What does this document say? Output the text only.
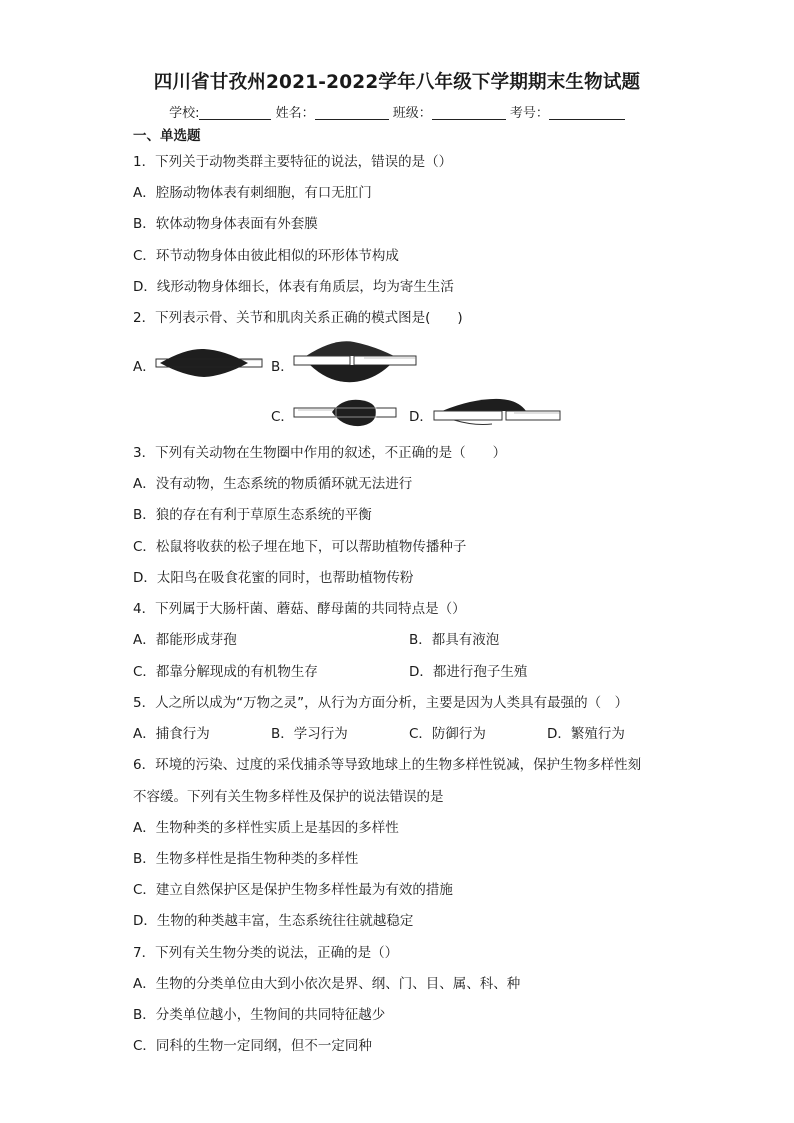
四川省甘孜州2021-2022学年八年级下学期期末生物试题
学校:	姓名：	班级：	考号：
一、单选题
1．下列关于动物类群主要特征的说法，错误的是（）
A．腔肠动物体表有刺细胞，有口无肛门
B．软体动物身体表面有外套膜
C．环节动物身体由彼此相似的环形体节构成
D．线形动物身体细长，体表有角质层，均为寄生生活
2．下列表示骨、关节和肌肉关系正确的模式图是(　　)
A．	B．
C．	D．
3．下列有关动物在生物圈中作用的叙述，不正确的是（　　）
A．没有动物，生态系统的物质循环就无法进行
B．狼的存在有利于草原生态系统的平衡
C．松鼠将收获的松子埋在地下，可以帮助植物传播种子
D．太阳鸟在吸食花蜜的同时，也帮助植物传粉
4．下列属于大肠杆菌、蘑菇、酵母菌的共同特点是（）
A．都能形成芽孢	B．都具有液泡
C．都靠分解现成的有机物生存	D．都进行孢子生殖
5．人之所以成为“万物之灵”，从行为方面分析，主要是因为人类具有最强的（　）
A．捕食行为	B．学习行为	C．防御行为	D．繁殖行为
6．环境的污染、过度的采伐捕杀等导致地球上的生物多样性锐减，保护生物多样性刻
不容缓。下列有关生物多样性及保护的说法错误的是
A．生物种类的多样性实质上是基因的多样性
B．生物多样性是指生物种类的多样性
C．建立自然保护区是保护生物多样性最为有效的措施
D．生物的种类越丰富，生态系统往往就越稳定
7．下列有关生物分类的说法，正确的是（）
A．生物的分类单位由大到小依次是界、纲、门、目、属、科、种
B．分类单位越小，生物间的共同特征越少
C．同科的生物一定同纲，但不一定同种
